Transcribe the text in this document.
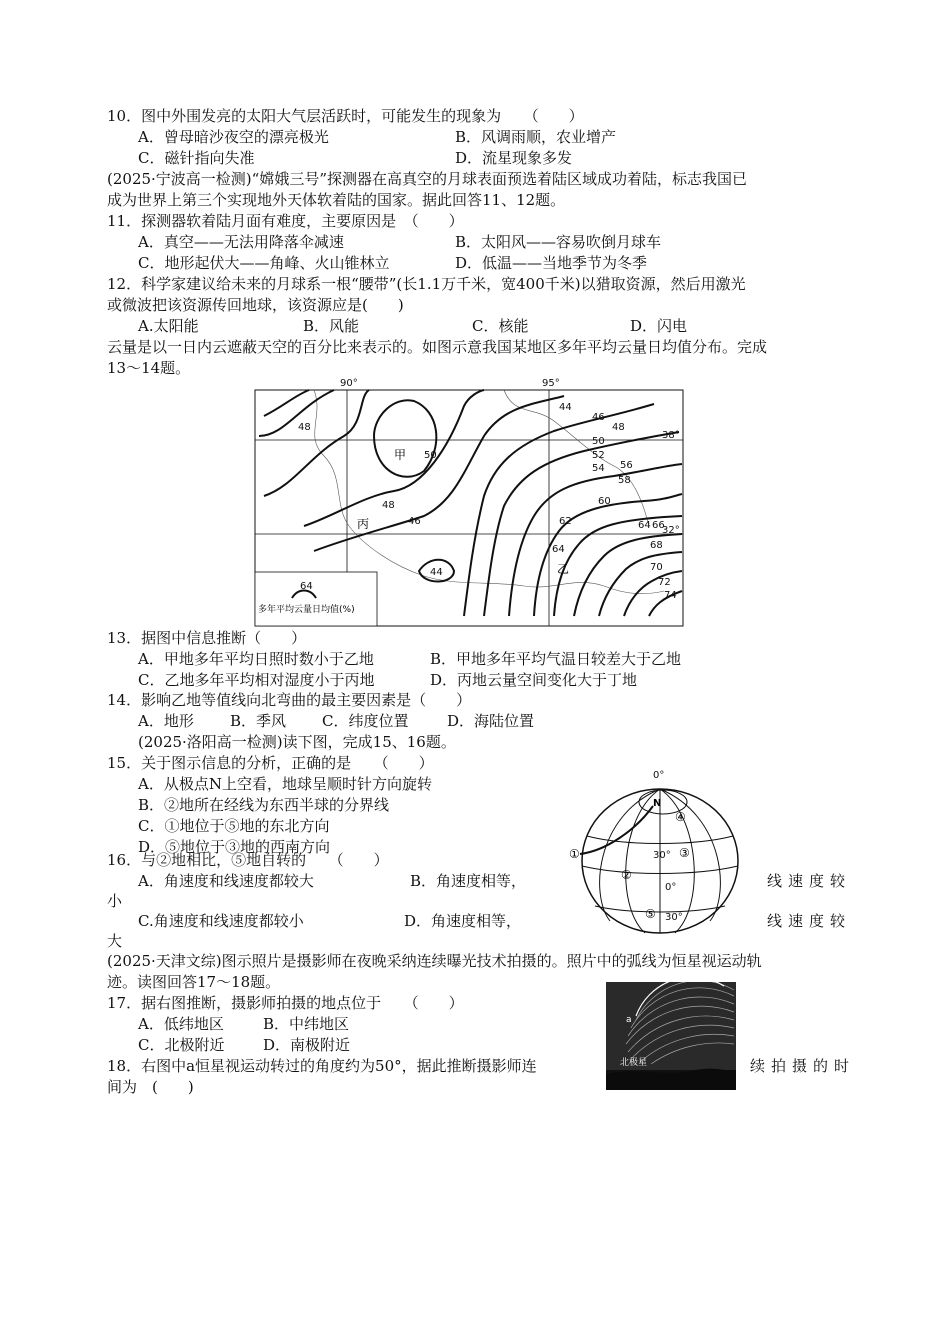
10．图中外围发亮的太阳大气层活跃时，可能发生的现象为　　（　　）
A．曾母暗沙夜空的漂亮极光	B．风调雨顺，农业增产
C．磁针指向失准	D．流星现象多发
(2025·宁波高一检测)“嫦娥三号”探测器在高真空的月球表面预选着陆区域成功着陆，标志我国已
成为世界上第三个实现地外天体软着陆的国家。据此回答11、12题。
11．探测器软着陆月面有难度，主要原因是　（　　）
A．真空——无法用降落伞减速	B．太阳风——容易吹倒月球车
C．地形起伏大——角峰、火山锥林立	D．低温——当地季节为冬季
12．科学家建议给未来的月球系一根“腰带”(长1.1万千米，宽400千米)以猎取资源，然后用激光
或微波把该资源传回地球，该资源应是(　　)
A.太阳能	B．风能	C．核能	D．闪电
云量是以一日内云遮蔽天空的百分比来表示的。如图示意我国某地区多年平均云量日均值分布。完成
13～14题。
90°	95°
38°
32°
48
50
48
46
44
44
46
48
50
52
54 56
58
60
62
64
64 66
68
70
72
74
甲
乙
丙
64
多年平均云量日均值(%)
13．据图中信息推断（　　）
A．甲地多年平均日照时数小于乙地	B．甲地多年平均气温日较差大于乙地
C．乙地多年平均相对湿度小于丙地	D．丙地云量空间变化大于丁地
14．影响乙地等值线向北弯曲的最主要因素是（　　）
A．地形 B．季风 C．纬度位置	D．海陆位置
(2025·洛阳高一检测)读下图，完成15、16题。
15．关于图示信息的分析，正确的是　　（　　）
A．从极点N上空看，地球呈顺时针方向旋转
B．②地所在经线为东西半球的分界线
C．①地位于⑤地的东北方向
D．⑤地位于③地的西南方向
0°
N
30°
0°
30°
①
②
③
④
⑤
16．与②地相比，⑤地自转的　　（　　）
A．角速度和线速度都较大	B．角速度相等，	线速度较
小
C.角速度和线速度都较小	D．角速度相等，	线速度较
大
(2025·天津文综)图示照片是摄影师在夜晚采纳连续曝光技术拍摄的。照片中的弧线为恒星视运动轨
迹。读图回答17～18题。
17．据右图推断，摄影师拍摄的地点位于　　（　　）
A．低纬地区	B．中纬地区
C．北极附近	D．南极附近
a
北极星
18．右图中a恒星视运动转过的角度约为50°，据此推断摄影师连	续拍摄的时
间为　(　　)
